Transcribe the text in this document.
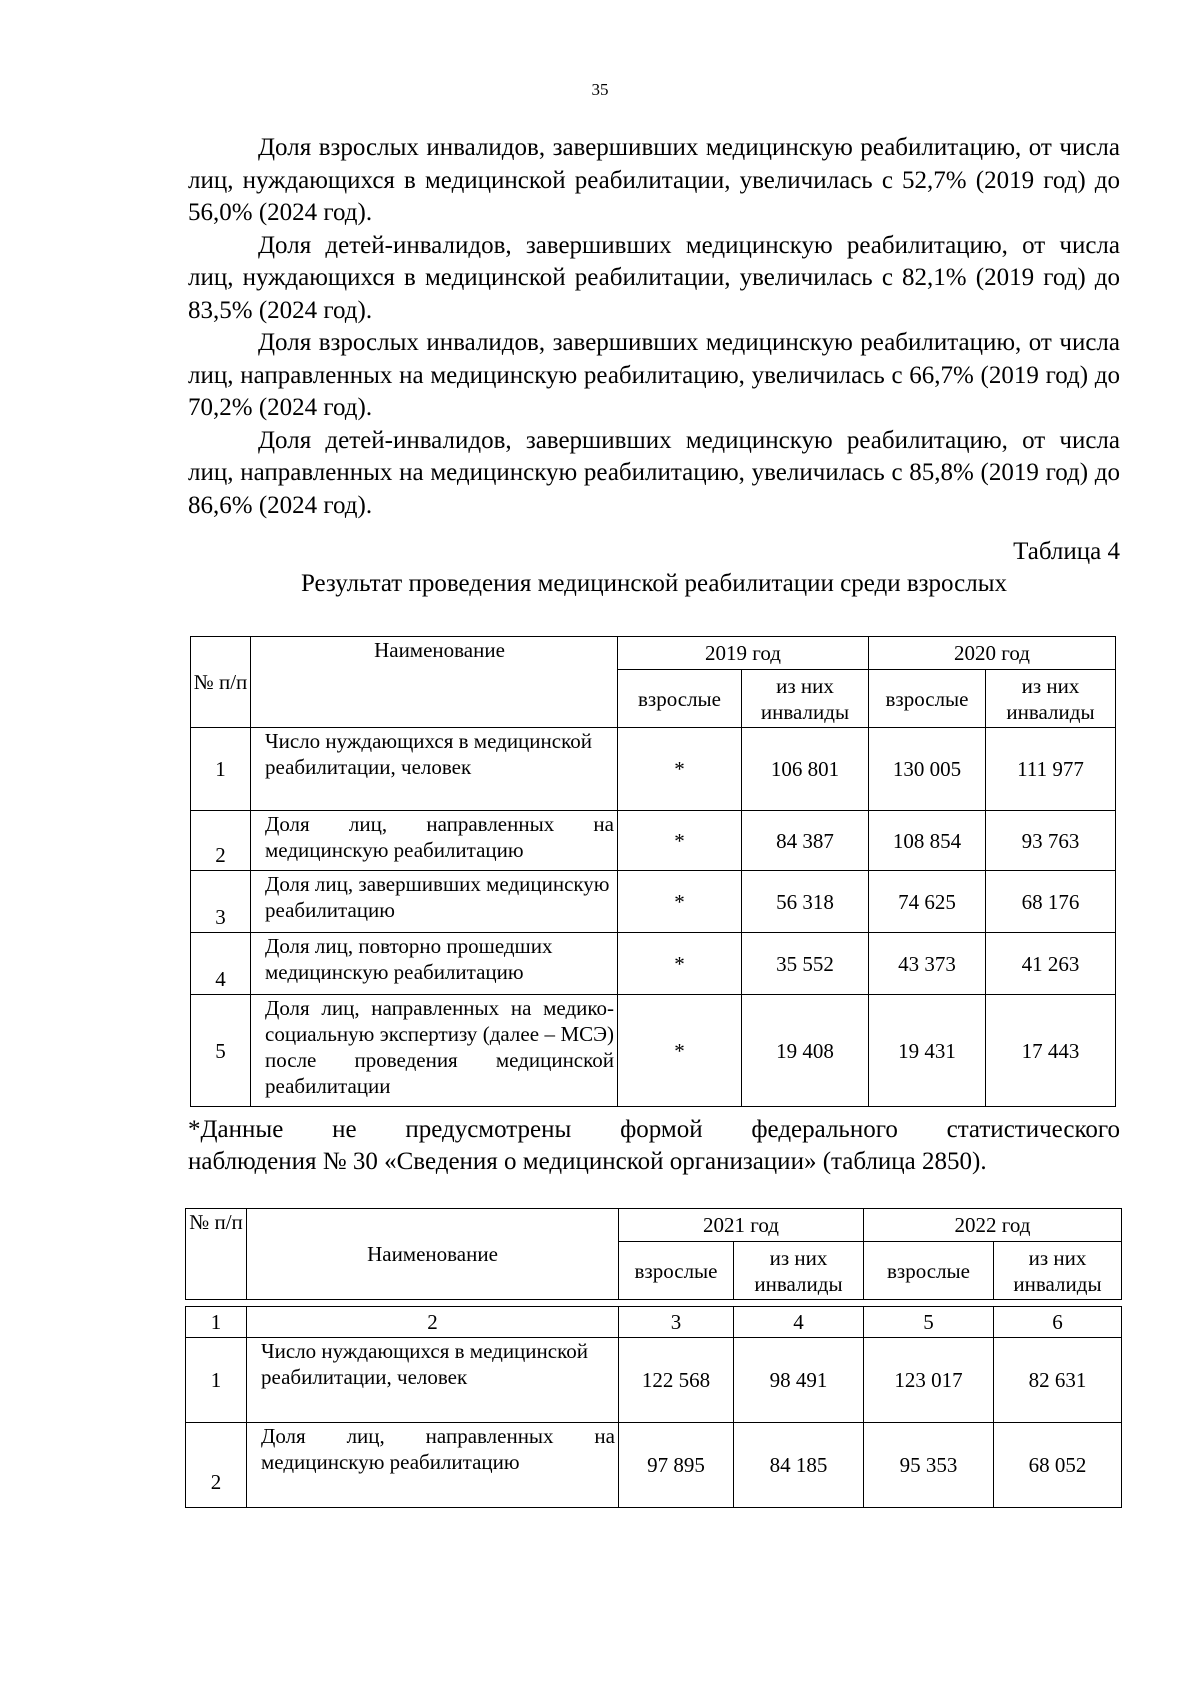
35

Доля взрослых инвалидов, завершивших медицинскую реабилитацию, от числа лиц, нуждающихся в медицинской реабилитации, увеличилась с 52,7% (2019 год) до 56,0% (2024 год).

Доля детей-инвалидов, завершивших медицинскую реабилитацию, от числа лиц, нуждающихся в медицинской реабилитации, увеличилась с 82,1% (2019 год) до 83,5% (2024 год).

Доля взрослых инвалидов, завершивших медицинскую реабилитацию, от числа лиц, направленных на медицинскую реабилитацию, увеличилась с 66,7% (2019 год) до 70,2% (2024 год).

Доля детей-инвалидов, завершивших медицинскую реабилитацию, от числа лиц, направленных на медицинскую реабилитацию, увеличилась с 85,8% (2019 год) до 86,6% (2024 год).

Таблица 4
Результат проведения медицинской реабилитации среди взрослых
№ п/п	Наименование	2019 год		2020 год	
		взрослые	из них инвалиды	взрослые	из них инвалиды
1	Число нуждающихся в медицинской реабилитации, человек	*	106 801	130 005	111 977
2	Доля лиц, направленных на медицинскую реабилитацию	*	84 387	108 854	93 763
3	Доля лиц, завершивших медицинскую реабилитацию	*	56 318	74 625	68 176
4	Доля лиц, повторно прошедших медицинскую реабилитацию	*	35 552	43 373	41 263
5	Доля лиц, направленных на медико-социальную экспертизу (далее – МСЭ) после проведения медицинской реабилитации	*	19 408	19 431	17 443
*Данные не предусмотрены формой федерального статистического
наблюдения № 30 «Сведения о медицинской организации» (таблица 2850).
№ п/п	Наименование	2021 год		2022 год	
		взрослые	из них инвалиды	взрослые	из них инвалиды

1	2	3	4	5	6
1	Число нуждающихся в медицинской реабилитации, человек	122 568	98 491	123 017	82 631
2	Доля лиц, направленных на медицинскую реабилитацию	97 895	84 185	95 353	68 052
